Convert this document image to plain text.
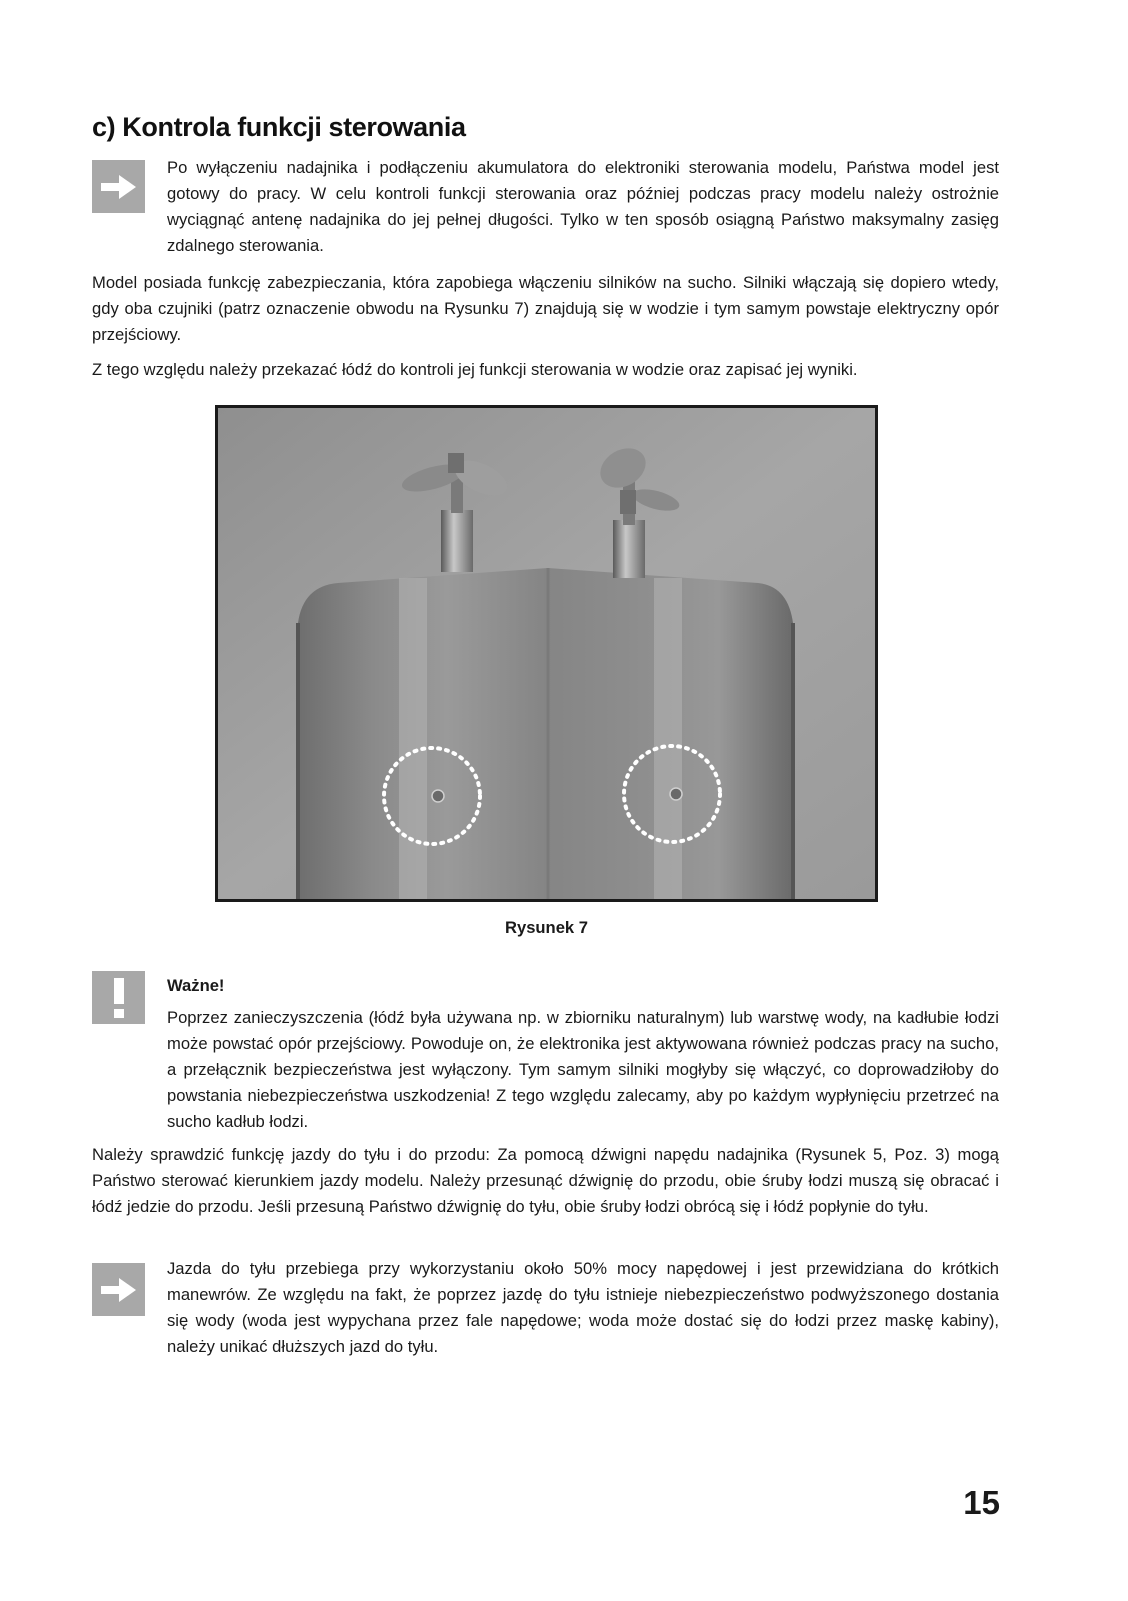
c) Kontrola funkcji sterowania

Po wyłączeniu nadajnika i podłączeniu akumulatora do elektroniki sterowania modelu, Państwa model jest gotowy do pracy. W celu kontroli funkcji sterowania oraz później podczas pracy modelu należy ostrożnie wyciągnąć antenę nadajnika do jej pełnej długości. Tylko w ten sposób osiągną Państwo maksymalny zasięg zdalnego sterowania.

Model posiada funkcję zabezpieczania, która zapobiega włączeniu silników na sucho. Silniki włączają się dopiero wtedy, gdy oba czujniki (patrz oznaczenie obwodu na Rysunku 7) znajdują się w wodzie i tym samym powstaje elektryczny opór przejściowy.

Z tego względu należy przekazać łódź do kontroli jej funkcji sterowania w wodzie oraz zapisać jej wyniki.

Rysunek 7
Ważne!

Poprzez zanieczyszczenia (łódź była używana np. w zbiorniku naturalnym) lub warstwę wody, na kadłubie łodzi może powstać opór przejściowy. Powoduje on, że elektronika jest aktywowana również podczas pracy na sucho, a przełącznik bezpieczeństwa jest wyłączony. Tym samym silniki mogłyby się włączyć, co doprowadziłoby do powstania niebezpieczeństwa uszkodzenia! Z tego względu zalecamy, aby po każdym wypłynięciu przetrzeć na sucho kadłub łodzi.

Należy sprawdzić funkcję jazdy do tyłu i do przodu: Za pomocą dźwigni napędu nadajnika (Rysunek 5, Poz. 3) mogą Państwo sterować kierunkiem jazdy modelu. Należy przesunąć dźwignię do przodu, obie śruby łodzi muszą się obracać i łódź jedzie do przodu. Jeśli przesuną Państwo dźwignię do tyłu, obie śruby łodzi obrócą się i łódź popłynie do tyłu.

Jazda do tyłu przebiega przy wykorzystaniu około 50% mocy napędowej i jest przewidziana do krótkich manewrów. Ze względu na fakt, że poprzez jazdę do tyłu istnieje niebezpieczeństwo podwyższonego dostania się wody (woda jest wypychana przez fale napędowe; woda może dostać się do łodzi przez maskę kabiny), należy unikać dłuższych jazd do tyłu.

15
